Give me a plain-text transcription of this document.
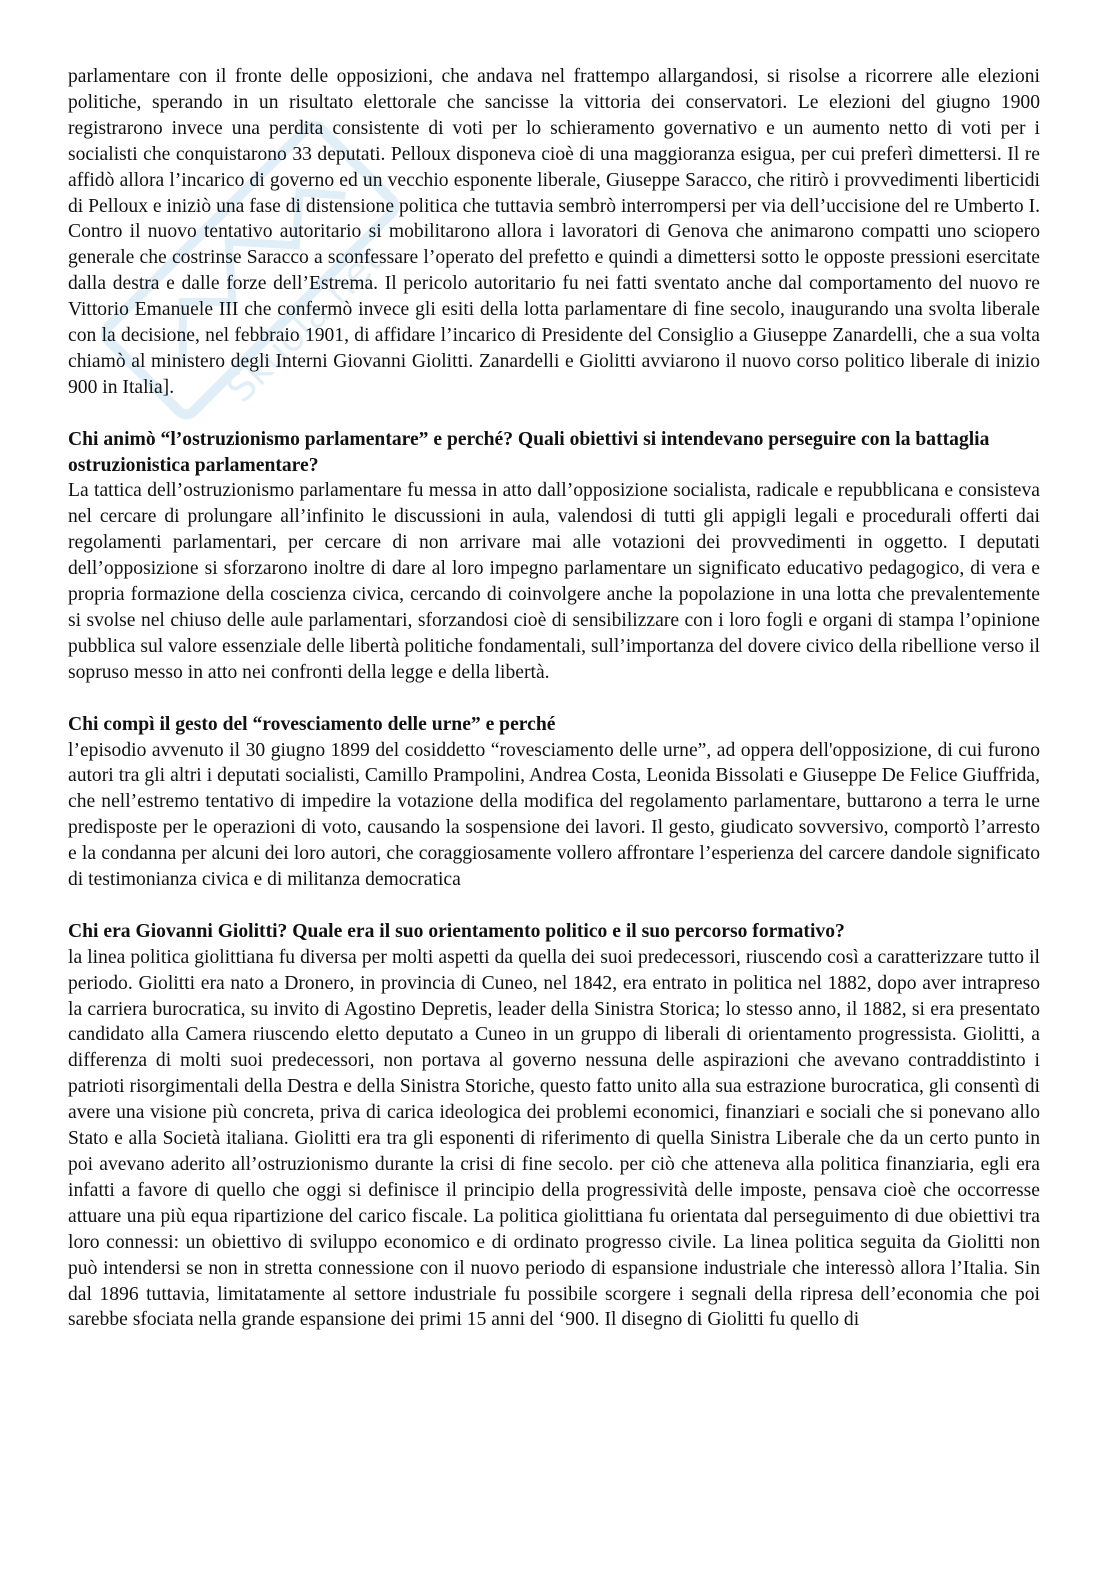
Skuola.net

parlamentare con il fronte delle opposizioni, che andava nel frattempo allargandosi, si risolse a ricorrere alle elezioni politiche, sperando in un risultato elettorale che sancisse la vittoria dei conservatori. Le elezioni del giugno 1900 registrarono invece una perdita consistente di voti per lo schieramento governativo e un aumento netto di voti per i socialisti che conquistarono 33 deputati. Pelloux disponeva cioè di una maggioranza esigua, per cui preferì dimettersi. Il re affidò allora l’incarico di governo ed un vecchio esponente liberale, Giuseppe Saracco, che ritirò i provvedimenti liberticidi di Pelloux e iniziò una fase di distensione politica che tuttavia sembrò interrompersi per via dell’uccisione del re Umberto I. Contro il nuovo tentativo autoritario si mobilitarono allora i lavoratori di Genova che animarono compatti uno sciopero generale che costrinse Saracco a sconfessare l’operato del prefetto e quindi a dimettersi sotto le opposte pressioni esercitate dalla destra e dalle forze dell’Estrema. Il pericolo autoritario fu nei fatti sventato anche dal comportamento del nuovo re Vittorio Emanuele III che confermò invece gli esiti della lotta parlamentare di fine secolo, inaugurando una svolta liberale con la decisione, nel febbraio 1901, di affidare l’incarico di Presidente del Consiglio a Giuseppe Zanardelli, che a sua volta chiamò al ministero degli Interni Giovanni Giolitti. Zanardelli e Giolitti avviarono il nuovo corso politico liberale di inizio 900 in Italia].

Chi animò “l’ostruzionismo parlamentare” e perché? Quali obiettivi si intendevano perseguire con la battaglia ostruzionistica parlamentare?

La tattica dell’ostruzionismo parlamentare fu messa in atto dall’opposizione socialista, radicale e repubblicana e consisteva nel cercare di prolungare all’infinito le discussioni in aula, valendosi di tutti gli appigli legali e procedurali offerti dai regolamenti parlamentari, per cercare di non arrivare mai alle votazioni dei provvedimenti in oggetto. I deputati dell’opposizione si sforzarono inoltre di dare al loro impegno parlamentare un significato educativo pedagogico, di vera e propria formazione della coscienza civica, cercando di coinvolgere anche la popolazione in una lotta che prevalentemente si svolse nel chiuso delle aule parlamentari, sforzandosi cioè di sensibilizzare con i loro fogli e organi di stampa l’opinione pubblica sul valore essenziale delle libertà politiche fondamentali, sull’importanza del dovere civico della ribellione verso il sopruso messo in atto nei confronti della legge e della libertà.

Chi compì il gesto del “rovesciamento delle urne” e perché

l’episodio avvenuto il 30 giugno 1899 del cosiddetto “rovesciamento delle urne”, ad oppera dell'opposizione, di cui furono autori tra gli altri i deputati socialisti, Camillo Prampolini, Andrea Costa, Leonida Bissolati e Giuseppe De Felice Giuffrida, che nell’estremo tentativo di impedire la votazione della modifica del regolamento parlamentare, buttarono a terra le urne predisposte per le operazioni di voto, causando la sospensione dei lavori. Il gesto, giudicato sovversivo, comportò l’arresto e la condanna per alcuni dei loro autori, che coraggiosamente vollero affrontare l’esperienza del carcere dandole significato di testimonianza civica e di militanza democratica

Chi era Giovanni Giolitti? Quale era il suo orientamento politico e il suo percorso formativo?

la linea politica giolittiana fu diversa per molti aspetti da quella dei suoi predecessori, riuscendo così a caratterizzare tutto il periodo. Giolitti era nato a Dronero, in provincia di Cuneo, nel 1842, era entrato in politica nel 1882, dopo aver intrapreso la carriera burocratica, su invito di Agostino Depretis, leader della Sinistra Storica; lo stesso anno, il 1882, si era presentato candidato alla Camera riuscendo eletto deputato a Cuneo in un gruppo di liberali di orientamento progressista. Giolitti, a differenza di molti suoi predecessori, non portava al governo nessuna delle aspirazioni che avevano contraddistinto i patrioti risorgimentali della Destra e della Sinistra Storiche, questo fatto unito alla sua estrazione burocratica, gli consentì di avere una visione più concreta, priva di carica ideologica dei problemi economici, finanziari e sociali che si ponevano allo Stato e alla Società italiana. Giolitti era tra gli esponenti di riferimento di quella Sinistra Liberale che da un certo punto in poi avevano aderito all’ostruzionismo durante la crisi di fine secolo. per ciò che atteneva alla politica finanziaria, egli era infatti a favore di quello che oggi si definisce il principio della progressività delle imposte, pensava cioè che occorresse attuare una più equa ripartizione del carico fiscale. La politica giolittiana fu orientata dal perseguimento di due obiettivi tra loro connessi: un obiettivo di sviluppo economico e di ordinato progresso civile. La linea politica seguita da Giolitti non può intendersi se non in stretta connessione con il nuovo periodo di espansione industriale che interessò allora l’Italia. Sin dal 1896 tuttavia, limitatamente al settore industriale fu possibile scorgere i segnali della ripresa dell’economia che poi sarebbe sfociata nella grande espansione dei primi 15 anni del ‘900. Il disegno di Giolitti fu quello di
